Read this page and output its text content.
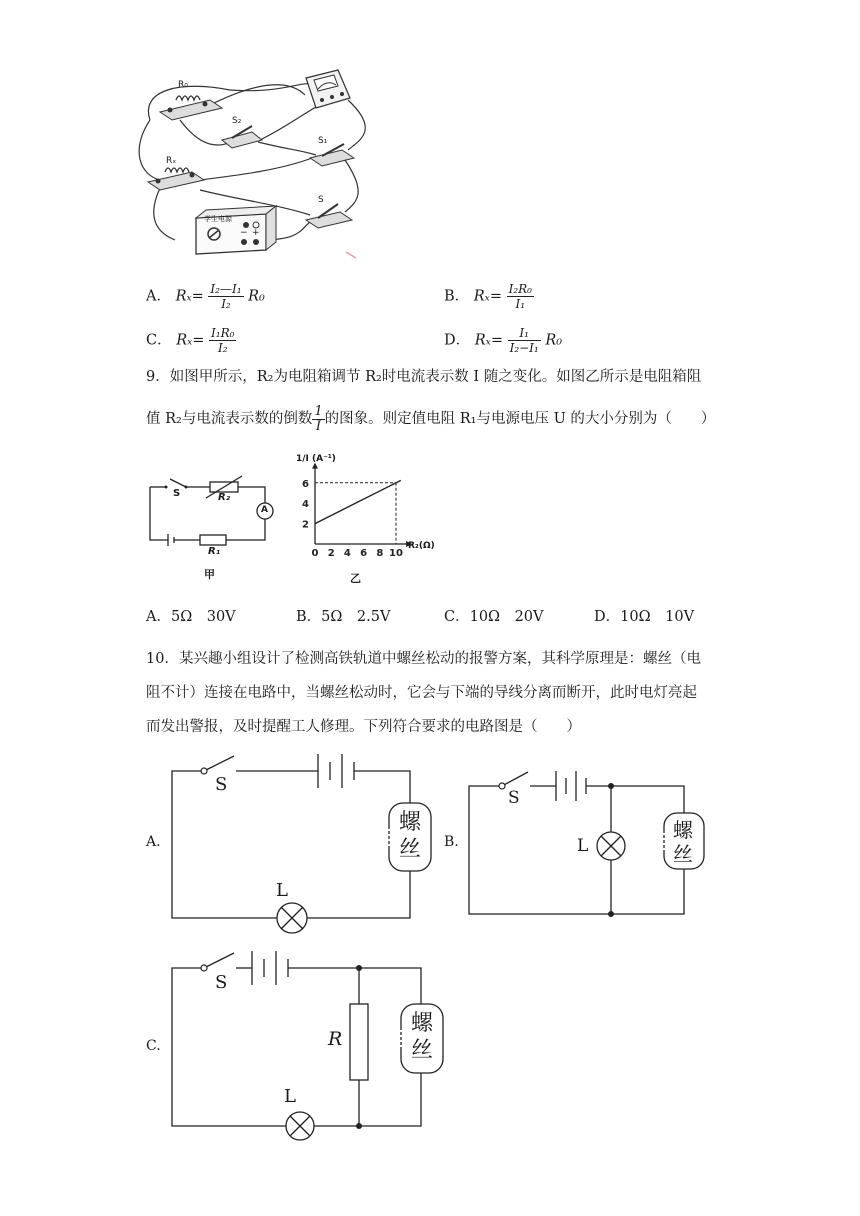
R₀
Rₓ
S₂
S₁
S
学生电源
− +
A． $R_x= \frac{\text{I₂—I₁}}{\text{I₂}} R_0$	B． $R_x= \frac{\text{I₂R₀}}{\text{I₁}}$
C． $R_x= \frac{\text{I₁R₀}}{\text{I₂}}$	D． $R_x= \frac{\text{I₁}}{\text{I₂−I₁}} R_0$
9．如图甲所示，R₂为电阻箱调节 R₂时电流表示数 I 随之变化。如图乙所示是电阻箱阻
值 R₂与电流表示数的倒数 $\frac{1}{I}$ 的图象。则定值电阻 R₁与电源电压 U 的大小分别为（　　）
S	R₂
A
R₁
甲
0 2 4 6 8 10
2
4
6
1/I (A⁻¹)
R₂(Ω)
乙
A．5Ω　30V	B．5Ω　2.5V	C．10Ω　20V	D．10Ω　10V
10．某兴趣小组设计了检测高铁轨道中螺丝松动的报警方案，其科学原理是：螺丝（电
阻不计）连接在电路中，当螺丝松动时，它会与下端的导线分离而断开，此时电灯亮起
而发出警报，及时提醒工人修理。下列符合要求的电路图是（　　）
A.
S
L
螺
丝 B.
S
L
螺
丝
C.
S
R
L
螺
丝
